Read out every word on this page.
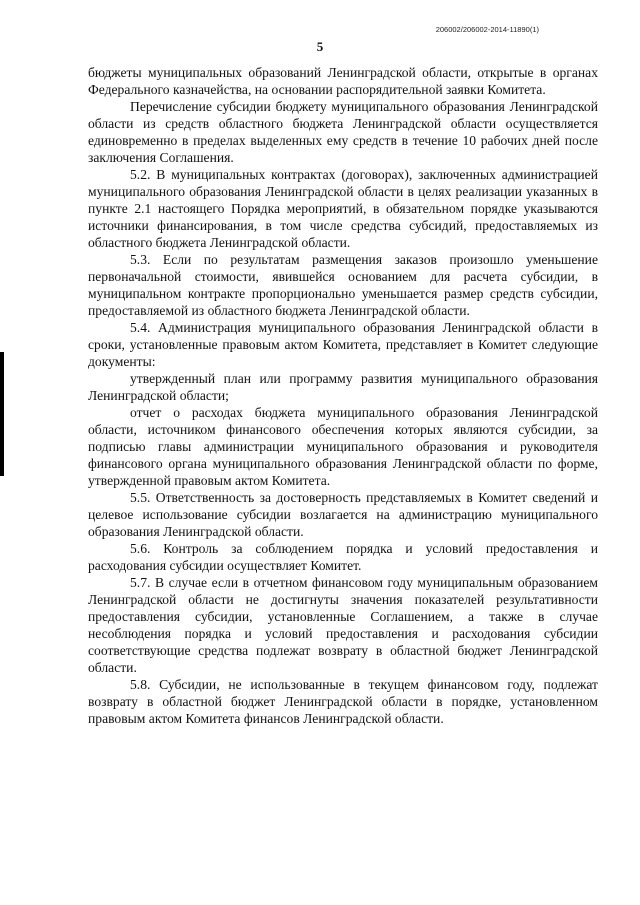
206002/206002-2014-11890(1)
5

бюджеты муниципальных образований Ленинградской области, открытые в органах Федерального казначейства, на основании распорядительной заявки Комитета.

Перечисление субсидии бюджету муниципального образования Ленинградской области из средств областного бюджета Ленинградской области осуществляется единовременно в пределах выделенных ему средств в течение 10 рабочих дней после заключения Соглашения.

5.2. В муниципальных контрактах (договорах), заключенных администрацией муниципального образования Ленинградской области в целях реализации указанных в пункте 2.1 настоящего Порядка мероприятий, в обязательном порядке указываются источники финансирования, в том числе средства субсидий, предоставляемых из областного бюджета Ленинградской области.

5.3. Если по результатам размещения заказов произошло уменьшение первоначальной стоимости, явившейся основанием для расчета субсидии, в муниципальном контракте пропорционально уменьшается размер средств субсидии, предоставляемой из областного бюджета Ленинградской области.

5.4. Администрация муниципального образования Ленинградской области в сроки, установленные правовым актом Комитета, представляет в Комитет следующие документы:

утвержденный план или программу развития муниципального образования Ленинградской области;

отчет о расходах бюджета муниципального образования Ленинградской области, источником финансового обеспечения которых являются субсидии, за подписью главы администрации муниципального образования и руководителя финансового органа муниципального образования Ленинградской области по форме, утвержденной правовым актом Комитета.

5.5. Ответственность за достоверность представляемых в Комитет сведений и целевое использование субсидии возлагается на администрацию муниципального образования Ленинградской области.

5.6. Контроль за соблюдением порядка и условий предоставления и расходования субсидии осуществляет Комитет.

5.7. В случае если в отчетном финансовом году муниципальным образованием Ленинградской области не достигнуты значения показателей результативности предоставления субсидии, установленные Соглашением, а также в случае несоблюдения порядка и условий предоставления и расходования субсидии соответствующие средства подлежат возврату в областной бюджет Ленинградской области.

5.8. Субсидии, не использованные в текущем финансовом году, подлежат возврату в областной бюджет Ленинградской области в порядке, установленном правовым актом Комитета финансов Ленинградской области.
